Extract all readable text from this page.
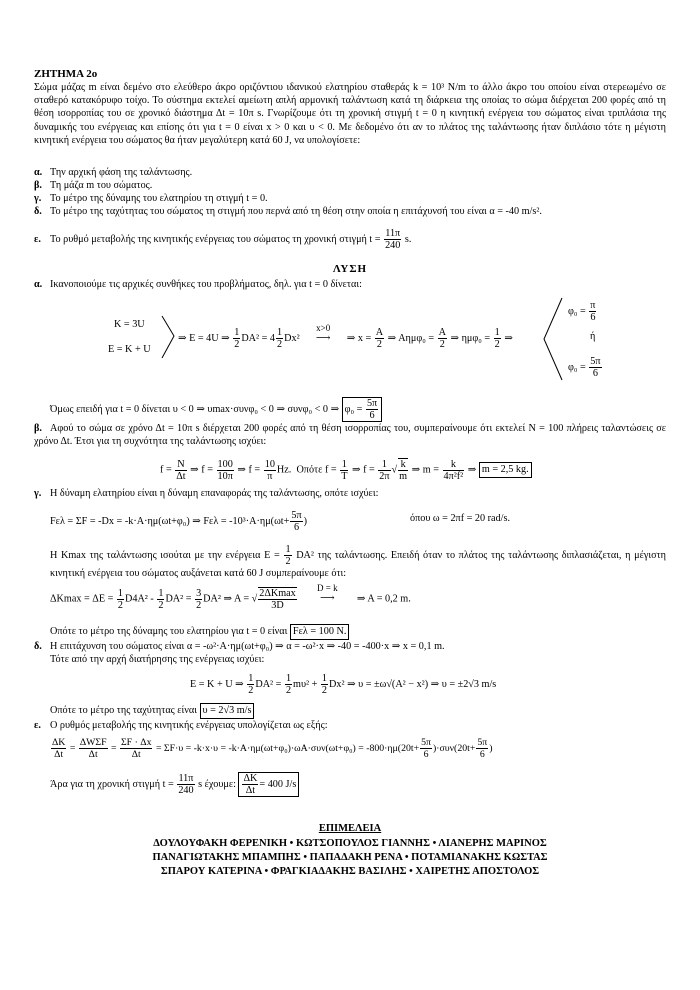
ΖΗΤΗΜΑ 2ο
Σώμα μάζας m είναι δεμένο στο ελεύθερο άκρο οριζόντιου ιδανικού ελατηρίου σταθεράς k = 10³ N/m το άλλο άκρο του οποίου είναι στερεωμένο σε σταθερό κατακόρυφο τοίχο. Το σύστημα εκτελεί αμείωτη απλή αρμονική ταλάντωση κατά τη διάρκεια της οποίας το σώμα διέρχεται 200 φορές από τη θέση ισορροπίας του σε χρονικό διάστημα Δt = 10π s. Γνωρίζουμε ότι τη χρονική στιγμή t = 0 η κινητική ενέργεια του σώματος είναι τριπλάσια της δυναμικής του ενέργειας και επίσης ότι για t = 0 είναι x > 0 και υ < 0. Με δεδομένο ότι αν το πλάτος της ταλάντωσης ήταν διπλάσιο τότε η μέγιστη κινητική ενέργεια του σώματος θα ήταν μεγαλύτερη κατά 60 J, να υπολογίσετε:
α. Την αρχική φάση της ταλάντωσης.
β. Τη μάζα m του σώματος.
γ. Το μέτρο της δύναμης του ελατηρίου τη στιγμή t = 0.
δ. Το μέτρο της ταχύτητας του σώματος τη στιγμή που περνά από τη θέση στην οποία η επιτάχυνσή του είναι α = -40 m/s².
ε. Το ρυθμό μεταβολής της κινητικής ενέργειας του σώματος τη χρονική στιγμή $t = \frac{11\pi}{240} s$.
ΛΥΣΗ
α. Ικανοποιούμε τις αρχικές συνθήκες του προβλήματος, δηλ. για t = 0 δίνεται:
K = 3U
E = K + U
⇒ E = 4U ⇒ $\frac{1}{2} DA^2 = 4 \frac{1}{2} Dx^2$
x>0
⟶ ⇒ $x = \frac{A}{2}$ ⇒ $A\eta\mu\varphi_0 = \frac{A}{2}$ ⇒ $\eta\mu\varphi_0 = \frac{1}{2}$ ⇒
$\varphi_0 = \frac{\pi}{6}$
ή
$\varphi_0 = \frac{5\pi}{6}$
Όμως επειδή για t = 0 δίνεται υ < 0 ⇒ υmax·συνφ₀ < 0 ⇒ συνφ₀ < 0 ⇒ $\varphi_0 = \frac{5\pi}{6}$
β. Αφού το σώμα σε χρόνο Δt = 10π s διέρχεται 200 φορές από τη θέση ισορροπίας του, συμπεραίνουμε ότι εκτελεί N = 100 πλήρεις ταλαντώσεις σε χρόνο Δt. Έτσι για τη συχνότητα της ταλάντωσης ισχύει:
$f = \frac{N}{\Delta t}$ ⇒ $f = \frac{100}{10\pi}$ ⇒ $f = \frac{10}{\pi} Hz$. Οπότε $f = \frac{1}{T}$ ⇒ $f = \frac{1}{2\pi}$ √ $\frac{k}{m}$ ⇒ $m = \frac{k}{\text{4π²f²}}$ ⇒ m = 2,5 kg.
γ. Η δύναμη ελατηρίου είναι η δύναμη επαναφοράς της ταλάντωσης, οπότε ισχύει:
Fελ = ΣF = -Dx = -k·A·ημ(ωt+φ₀) ⇒ $F\varepsilon\lambda = -10^3\cdot A\cdot\eta\mu(\omega t+ \frac{5\pi}{6}$ )	όπου ω = 2πf = 20 rad/s.
Η Kmax της ταλάντωσης ισούται με την ενέργεια $E = \frac{1}{2} DA^2$ της ταλάντωσης. Επειδή όταν το πλάτος της ταλάντωσης διπλασιάζεται, η μέγιστη κινητική ενέργεια του σώματος αυξάνεται κατά 60 J συμπεραίνουμε ότι:
$\Delta Kmax = \Delta E = \frac{1}{2} D4A^2 - \frac{1}{2} DA^2 = \frac{3}{2} DA^2$ ⇒ A = √ $\frac{2\Delta Kmax}{3D}$
	D = k
⟶ ⇒ A = 0,2 m.
Οπότε το μέτρο της δύναμης του ελατηρίου για t = 0 είναι Fελ = 100 N.
δ. Η επιτάχυνση του σώματος είναι α = -ω²·A·ημ(ωt+φ₀) ⇒ α = -ω²·x ⇒ -40 = -400·x ⇒ x = 0,1 m.
Τότε από την αρχή διατήρησης της ενέργειας ισχύει:
E = K + U ⇒ $\frac{1}{2} DA^2 = \frac{1}{2} m\upsilon^2 + \frac{1}{2} Dx^2$ ⇒ υ = ±ω√(A² − x²) ⇒ υ = ±2√3 m/s
Οπότε το μέτρο της ταχύτητας είναι υ = 2√3 m/s
ε. Ο ρυθμός μεταβολής της κινητικής ενέργειας υπολογίζεται ως εξής:
$\frac{\Delta K}{\Delta t} = \frac{\text{ΔWΣF}}{\Delta t} = \frac{\Sigma F \cdot \Delta x}{\Delta t} = \Sigma F\cdot\upsilon = -k\cdot x\cdot\upsilon = -k\cdot A\cdot\eta\mu(\omega t+\varphi_0)\cdot\omega A\cdot\sigma\upsilon\nu(\omega t+\varphi_0) = -800\cdot\eta\mu(20t+ \frac{5\pi}{6} )\cdot\sigma\upsilon\nu(20t+ \frac{5\pi}{6}$ )
Άρα για τη χρονική στιγμή $t = \frac{11\pi}{240}$ s έχουμε: $\frac{\Delta K}{\Delta t} = 400$ J/s
ΕΠΙΜΕΛΕΙΑ
ΔΟΥΛΟΥΦΑΚΗ ΦΕΡΕΝΙΚΗ • ΚΩΤΣΟΠΟΥΛΟΣ ΓΙΑΝΝΗΣ • ΛΙΑΝΕΡΗΣ ΜΑΡΙΝΟΣ
ΠΑΝΑΓΙΩΤΑΚΗΣ ΜΠΑΜΠΗΣ • ΠΑΠΑΔΑΚΗ ΡΕΝΑ • ΠΟΤΑΜΙΑΝΑΚΗΣ ΚΩΣΤΑΣ
ΣΠΑΡΟΥ ΚΑΤΕΡΙΝΑ • ΦΡΑΓΚΙΑΔΑΚΗΣ ΒΑΣΙΛΗΣ • ΧΑΙΡΕΤΗΣ ΑΠΟΣΤΟΛΟΣ
